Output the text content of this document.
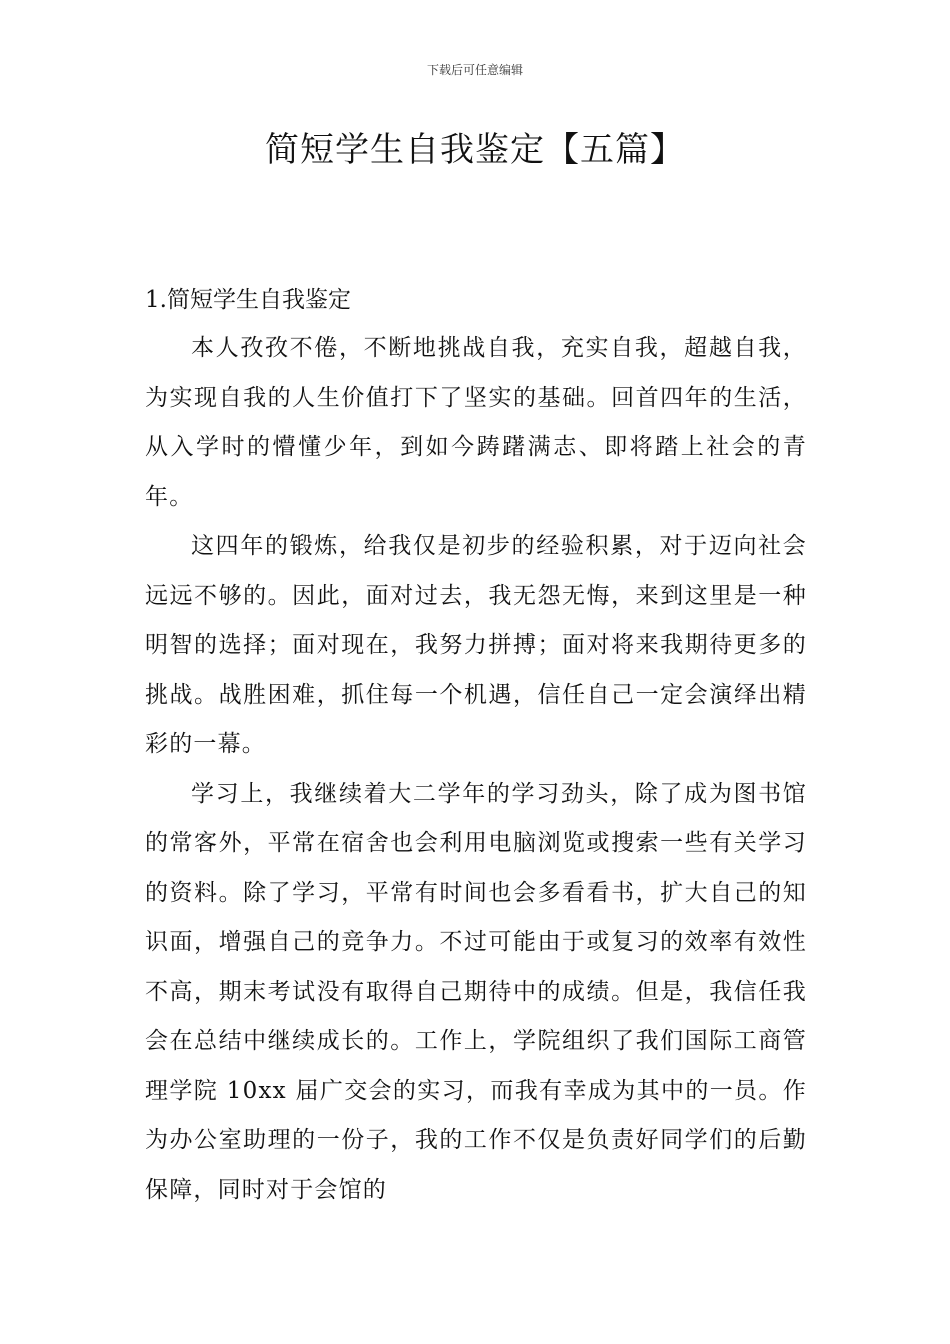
下载后可任意编辑
简短学生自我鉴定【五篇】

1.简短学生自我鉴定

本人孜孜不倦，不断地挑战自我，充实自我，超越自我，为实现自我的人生价值打下了坚实的基础。回首四年的生活，从入学时的懵懂少年，到如今踌躇满志、即将踏上社会的青年。

这四年的锻炼，给我仅是初步的经验积累，对于迈向社会远远不够的。因此，面对过去，我无怨无悔，来到这里是一种明智的选择；面对现在，我努力拼搏；面对将来我期待更多的挑战。战胜困难，抓住每一个机遇，信任自己一定会演绎出精彩的一幕。

学习上，我继续着大二学年的学习劲头，除了成为图书馆的常客外，平常在宿舍也会利用电脑浏览或搜索一些有关学习的资料。除了学习，平常有时间也会多看看书，扩大自己的知识面，增强自己的竞争力。不过可能由于或复习的效率有效性不高，期末考试没有取得自己期待中的成绩。但是，我信任我会在总结中继续成长的。工作上，学院组织了我们国际工商管理学院 10xx 届广交会的实习，而我有幸成为其中的一员。作为办公室助理的一份子，我的工作不仅是负责好同学们的后勤保障，同时对于会馆的
